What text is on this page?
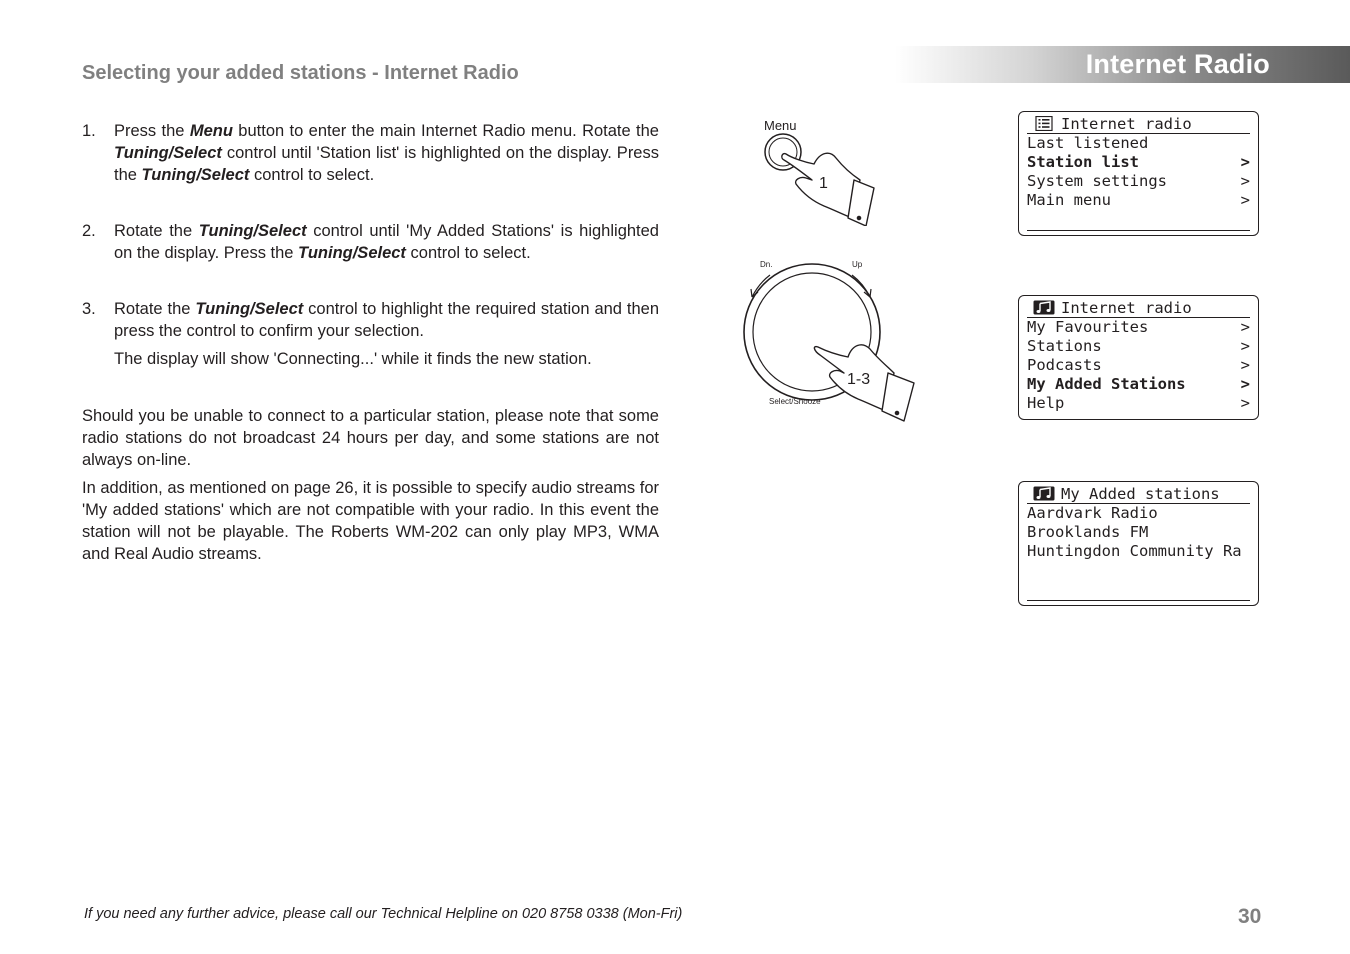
Internet Radio
Selecting your added stations - Internet Radio
1. Press the Menu button to enter the main Internet Radio menu. Rotate the Tuning/Select control until 'Station list' is highlighted on the display. Press the Tuning/Select control to select.

2. Rotate the Tuning/Select control until 'My Added Stations' is highlighted on the display. Press the Tuning/Select control to select.

3. Rotate the Tuning/Select control to highlight the required station and then press the control to confirm your selection.

The display will show 'Connecting...' while it finds the new station.

Should you be unable to connect to a particular station, please note that some radio stations do not broadcast 24 hours per day, and some stations are not always on-line.

In addition, as mentioned on page 26, it is possible to specify audio streams for 'My added stations' which are not compatible with your radio. In this event the station will not be playable. The Roberts WM-202 can only play MP3, WMA and Real Audio streams.

Menu
1
Dn.	Up
Select/Snooze
1-3
Internet radio
Last listened
Station list	>
System settings	>
Main menu	>
Internet radio
My Favourites	>
Stations	>
Podcasts	>
My Added Stations	>
Help	>
My Added stations
Aardvark Radio
Brooklands FM
Huntingdon Community Ra
If you need any further advice, please call our Technical Helpline on 020 8758 0338 (Mon-Fri)	30
